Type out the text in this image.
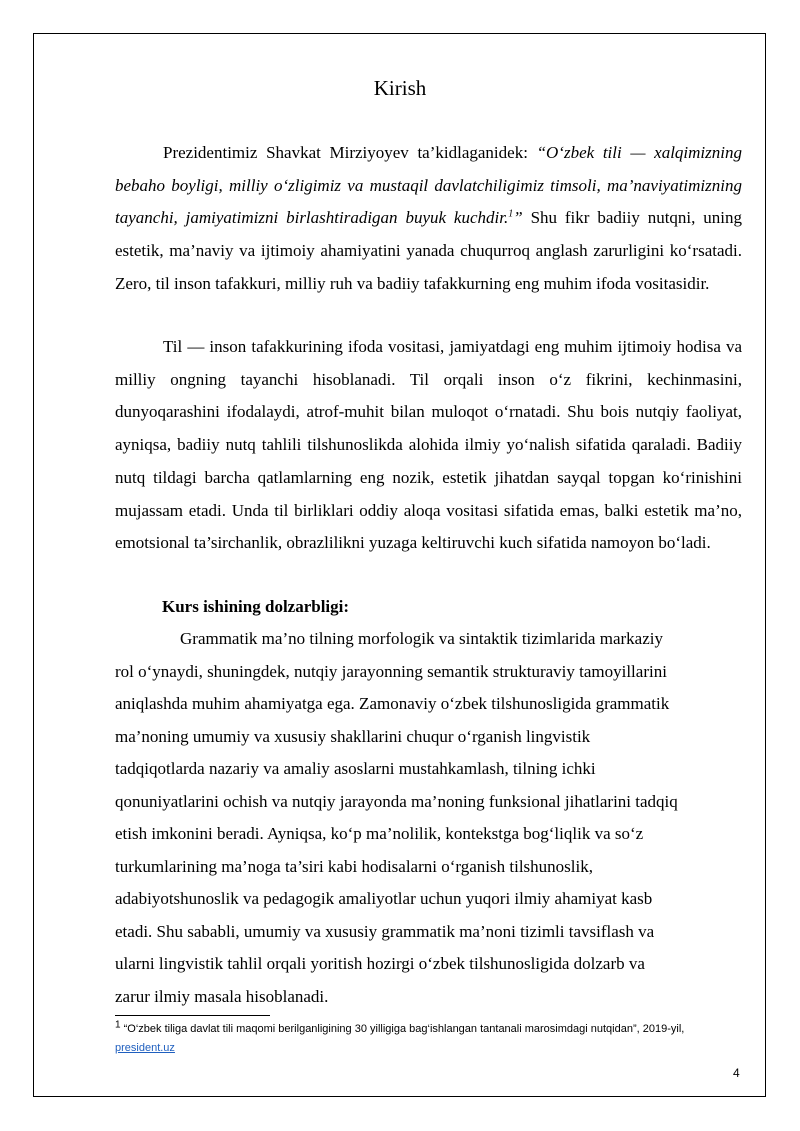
Kirish
Prezidentimiz Shavkat Mirziyoyev ta’kidlaganidek: “O‘zbek tili — xalqimizning bebaho boyligi, milliy o‘zligimiz va mustaqil davlatchiligimiz timsoli, ma’naviyatimizning tayanchi, jamiyatimizni birlashtiradigan buyuk kuchdir.$^1$” Shu fikr badiiy nutqni, uning estetik, ma’naviy va ijtimoiy ahamiyatini yanada chuqurroq anglash zarurligini ko‘rsatadi. Zero, til inson tafakkuri, milliy ruh va badiiy tafakkurning eng muhim ifoda vositasidir.
Til — inson tafakkurining ifoda vositasi, jamiyatdagi eng muhim ijtimoiy hodisa va milliy ongning tayanchi hisoblanadi. Til orqali inson o‘z fikrini, kechinmasini, dunyoqarashini ifodalaydi, atrof-muhit bilan muloqot o‘rnatadi. Shu bois nutqiy faoliyat, ayniqsa, badiiy nutq tahlili tilshunoslikda alohida ilmiy yo‘nalish sifatida qaraladi. Badiiy nutq tildagi barcha qatlamlarning eng nozik, estetik jihatdan sayqal topgan ko‘rinishini mujassam etadi. Unda til birliklari oddiy aloqa vositasi sifatida emas, balki estetik ma’no, emotsional ta’sirchanlik, obrazlilikni yuzaga keltiruvchi kuch sifatida namoyon bo‘ladi.
Kurs ishining dolzarbligi:
Grammatik ma’no tilning morfologik va sintaktik tizimlarida markaziy
rol o‘ynaydi, shuningdek, nutqiy jarayonning semantik strukturaviy tamoyillarini
aniqlashda muhim ahamiyatga ega. Zamonaviy o‘zbek tilshunosligida grammatik
ma’noning umumiy va xususiy shakllarini chuqur o‘rganish lingvistik
tadqiqotlarda nazariy va amaliy asoslarni mustahkamlash, tilning ichki
qonuniyatlarini ochish va nutqiy jarayonda ma’noning funksional jihatlarini tadqiq
etish imkonini beradi. Ayniqsa, ko‘p ma’nolilik, kontekstga bog‘liqlik va so‘z
turkumlarining ma’noga ta’siri kabi hodisalarni o‘rganish tilshunoslik,
adabiyotshunoslik va pedagogik amaliyotlar uchun yuqori ilmiy ahamiyat kasb
etadi. Shu sababli, umumiy va xususiy grammatik ma’noni tizimli tavsiflash va
ularni lingvistik tahlil orqali yoritish hozirgi o‘zbek tilshunosligida dolzarb va
zarur ilmiy masala hisoblanadi.
$^1$ “O‘zbek tiliga davlat tili maqomi berilganligining 30 yilligiga bag‘ishlangan tantanali marosimdagi nutqidan”, 2019-yil, president.uz
4
